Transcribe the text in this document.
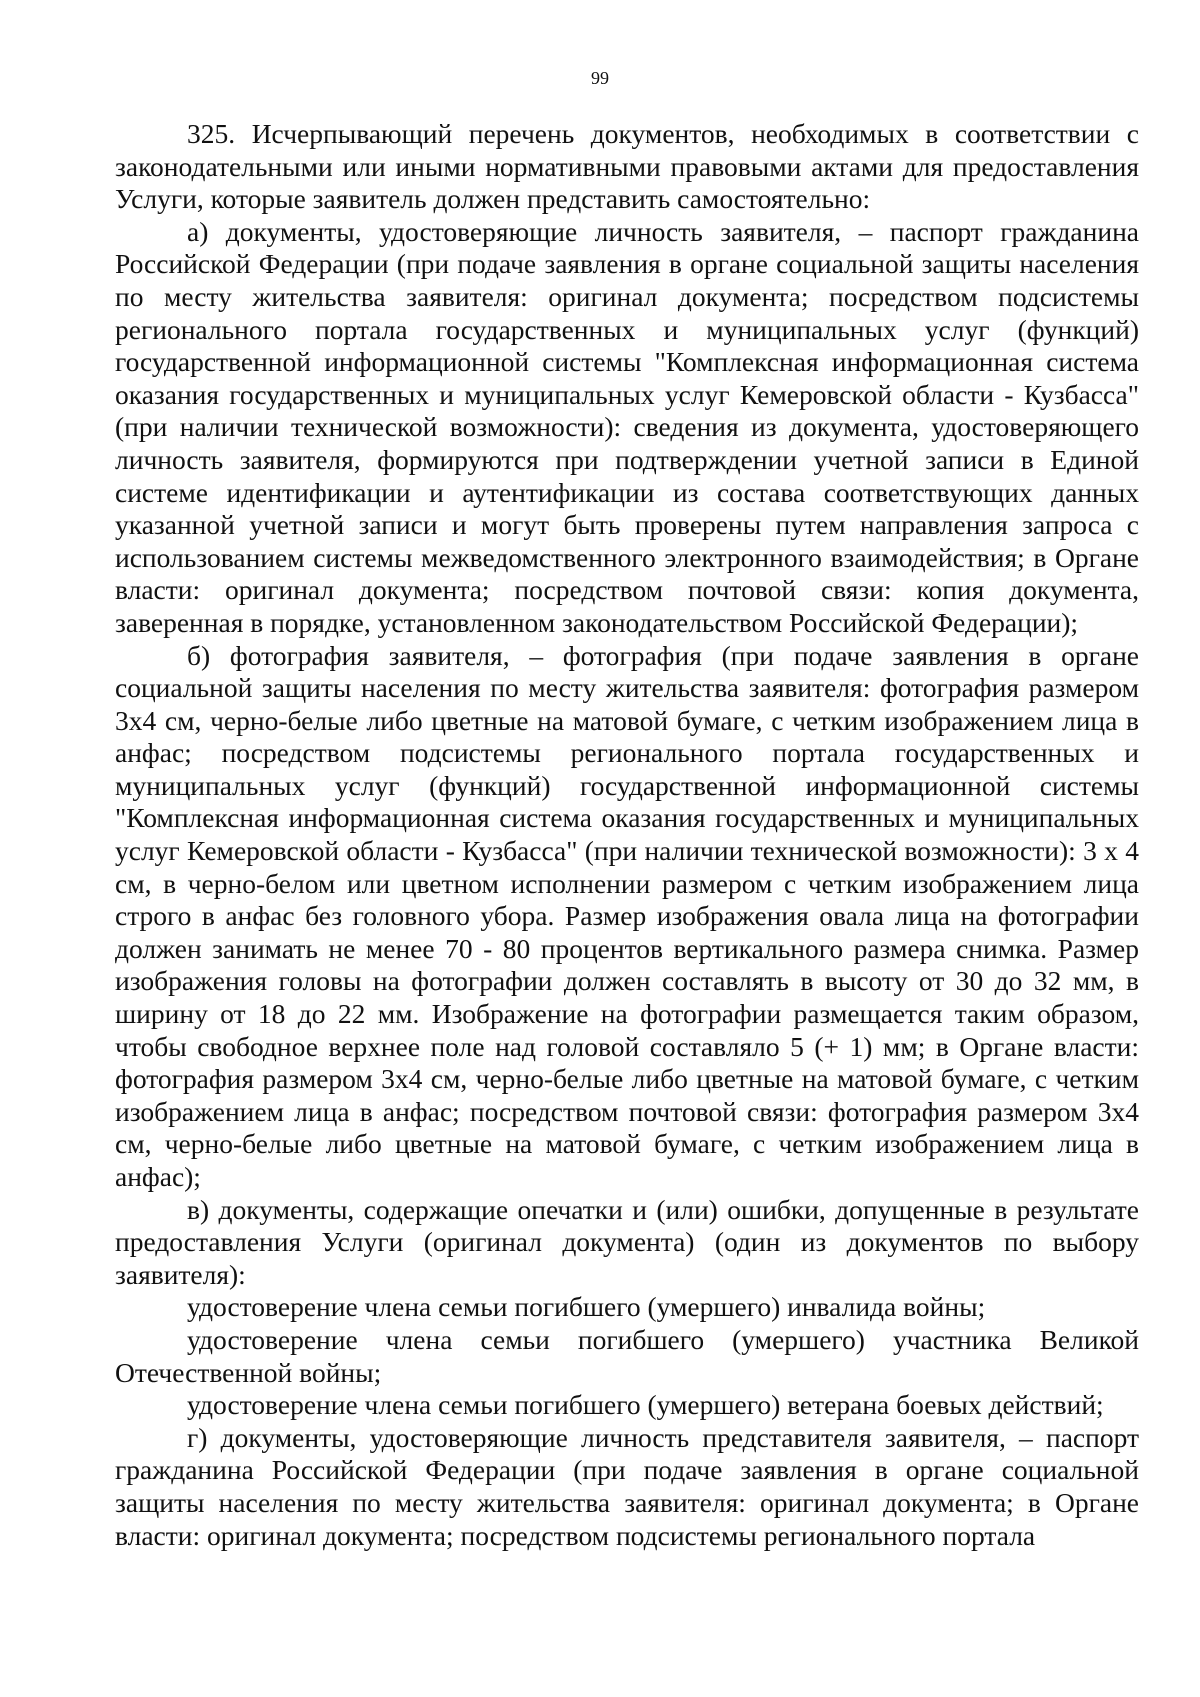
99

325. Исчерпывающий перечень документов, необходимых в соответствии с законодательными или иными нормативными правовыми актами для предоставления Услуги, которые заявитель должен представить самостоятельно:

а) документы, удостоверяющие личность заявителя, – паспорт гражданина Российской Федерации (при подаче заявления в органе социальной защиты населения по месту жительства заявителя: оригинал документа; посредством подсистемы регионального портала государственных и муниципальных услуг (функций) государственной информационной системы "Комплексная информационная система оказания государственных и муниципальных услуг Кемеровской области - Кузбасса" (при наличии технической возможности): сведения из документа, удостоверяющего личность заявителя, формируются при подтверждении учетной записи в Единой системе идентификации и аутентификации из состава соответствующих данных указанной учетной записи и могут быть проверены путем направления запроса с использованием системы межведомственного электронного взаимодействия; в Органе власти: оригинал документа; посредством почтовой связи: копия документа, заверенная в порядке, установленном законодательством Российской Федерации);

б) фотография заявителя, – фотография (при подаче заявления в органе социальной защиты населения по месту жительства заявителя: фотография размером 3х4 см, черно-белые либо цветные на матовой бумаге, с четким изображением лица в анфас; посредством подсистемы регионального портала государственных и муниципальных услуг (функций) государственной информационной системы "Комплексная информационная система оказания государственных и муниципальных услуг Кемеровской области - Кузбасса" (при наличии технической возможности): 3 х 4 см, в черно-белом или цветном исполнении размером с четким изображением лица строго в анфас без головного убора. Размер изображения овала лица на фотографии должен занимать не менее 70 - 80 процентов вертикального размера снимка. Размер изображения головы на фотографии должен составлять в высоту от 30 до 32 мм, в ширину от 18 до 22 мм. Изображение на фотографии размещается таким образом, чтобы свободное верхнее поле над головой составляло 5 (+ 1) мм; в Органе власти: фотография размером 3х4 см, черно-белые либо цветные на матовой бумаге, с четким изображением лица в анфас; посредством почтовой связи: фотография размером 3х4 см, черно-белые либо цветные на матовой бумаге, с четким изображением лица в анфас);

в) документы, содержащие опечатки и (или) ошибки, допущенные в результате предоставления Услуги (оригинал документа) (один из документов по выбору заявителя):

удостоверение члена семьи погибшего (умершего) инвалида войны;

удостоверение члена семьи погибшего (умершего) участника Великой Отечественной войны;

удостоверение члена семьи погибшего (умершего) ветерана боевых действий;

г) документы, удостоверяющие личность представителя заявителя, – паспорт гражданина Российской Федерации (при подаче заявления в органе социальной защиты населения по месту жительства заявителя: оригинал документа; в Органе власти: оригинал документа; посредством подсистемы регионального портала
